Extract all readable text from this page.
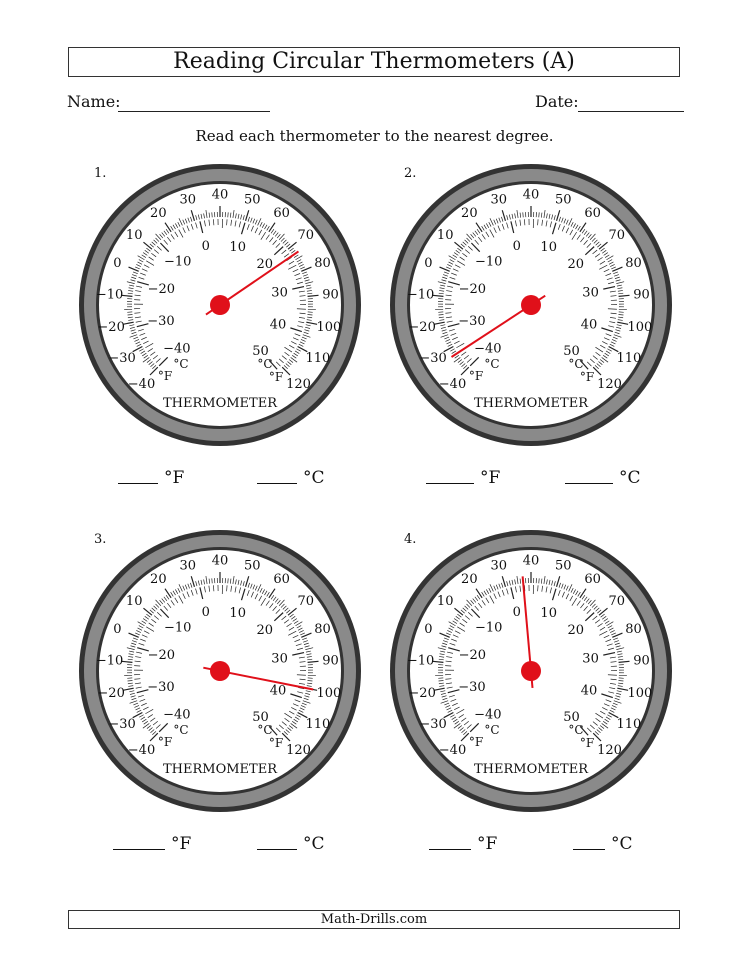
Reading Circular Thermometers (A)
Name:	Date:
Read each thermometer to the nearest degree.
1.
−40
−30
−20
−10
0
10
20
30 40 50
60
70
80
90
100
110
120
−40
−30
−20
−10
0 10
20
30
40
50
°C
°F
°C
°F
THERMOMETER
°F	°C
2.
−40
−30
−20
−10
0
10
20
30 40 50
60
70
80
90
100
110
120
−40
−30
−20
−10
0 10
20
30
40
50
°C
°F
°C
°F
THERMOMETER
°F	°C
3.
−40
−30
−20
−10
0
10
20
30 40 50
60
70
80
90
100
110
120
−40
−30
−20
−10
0 10
20
30
40
50
°C
°F
°C
°F
THERMOMETER
°F	°C
4.
−40
−30
−20
−10
0
10
20
30 40 50
60
70
80
90
100
110
120
−40
−30
−20
−10
0 10
20
30
40
50
°C
°F
°C
°F
THERMOMETER
°F	°C
Math-Drills.com
